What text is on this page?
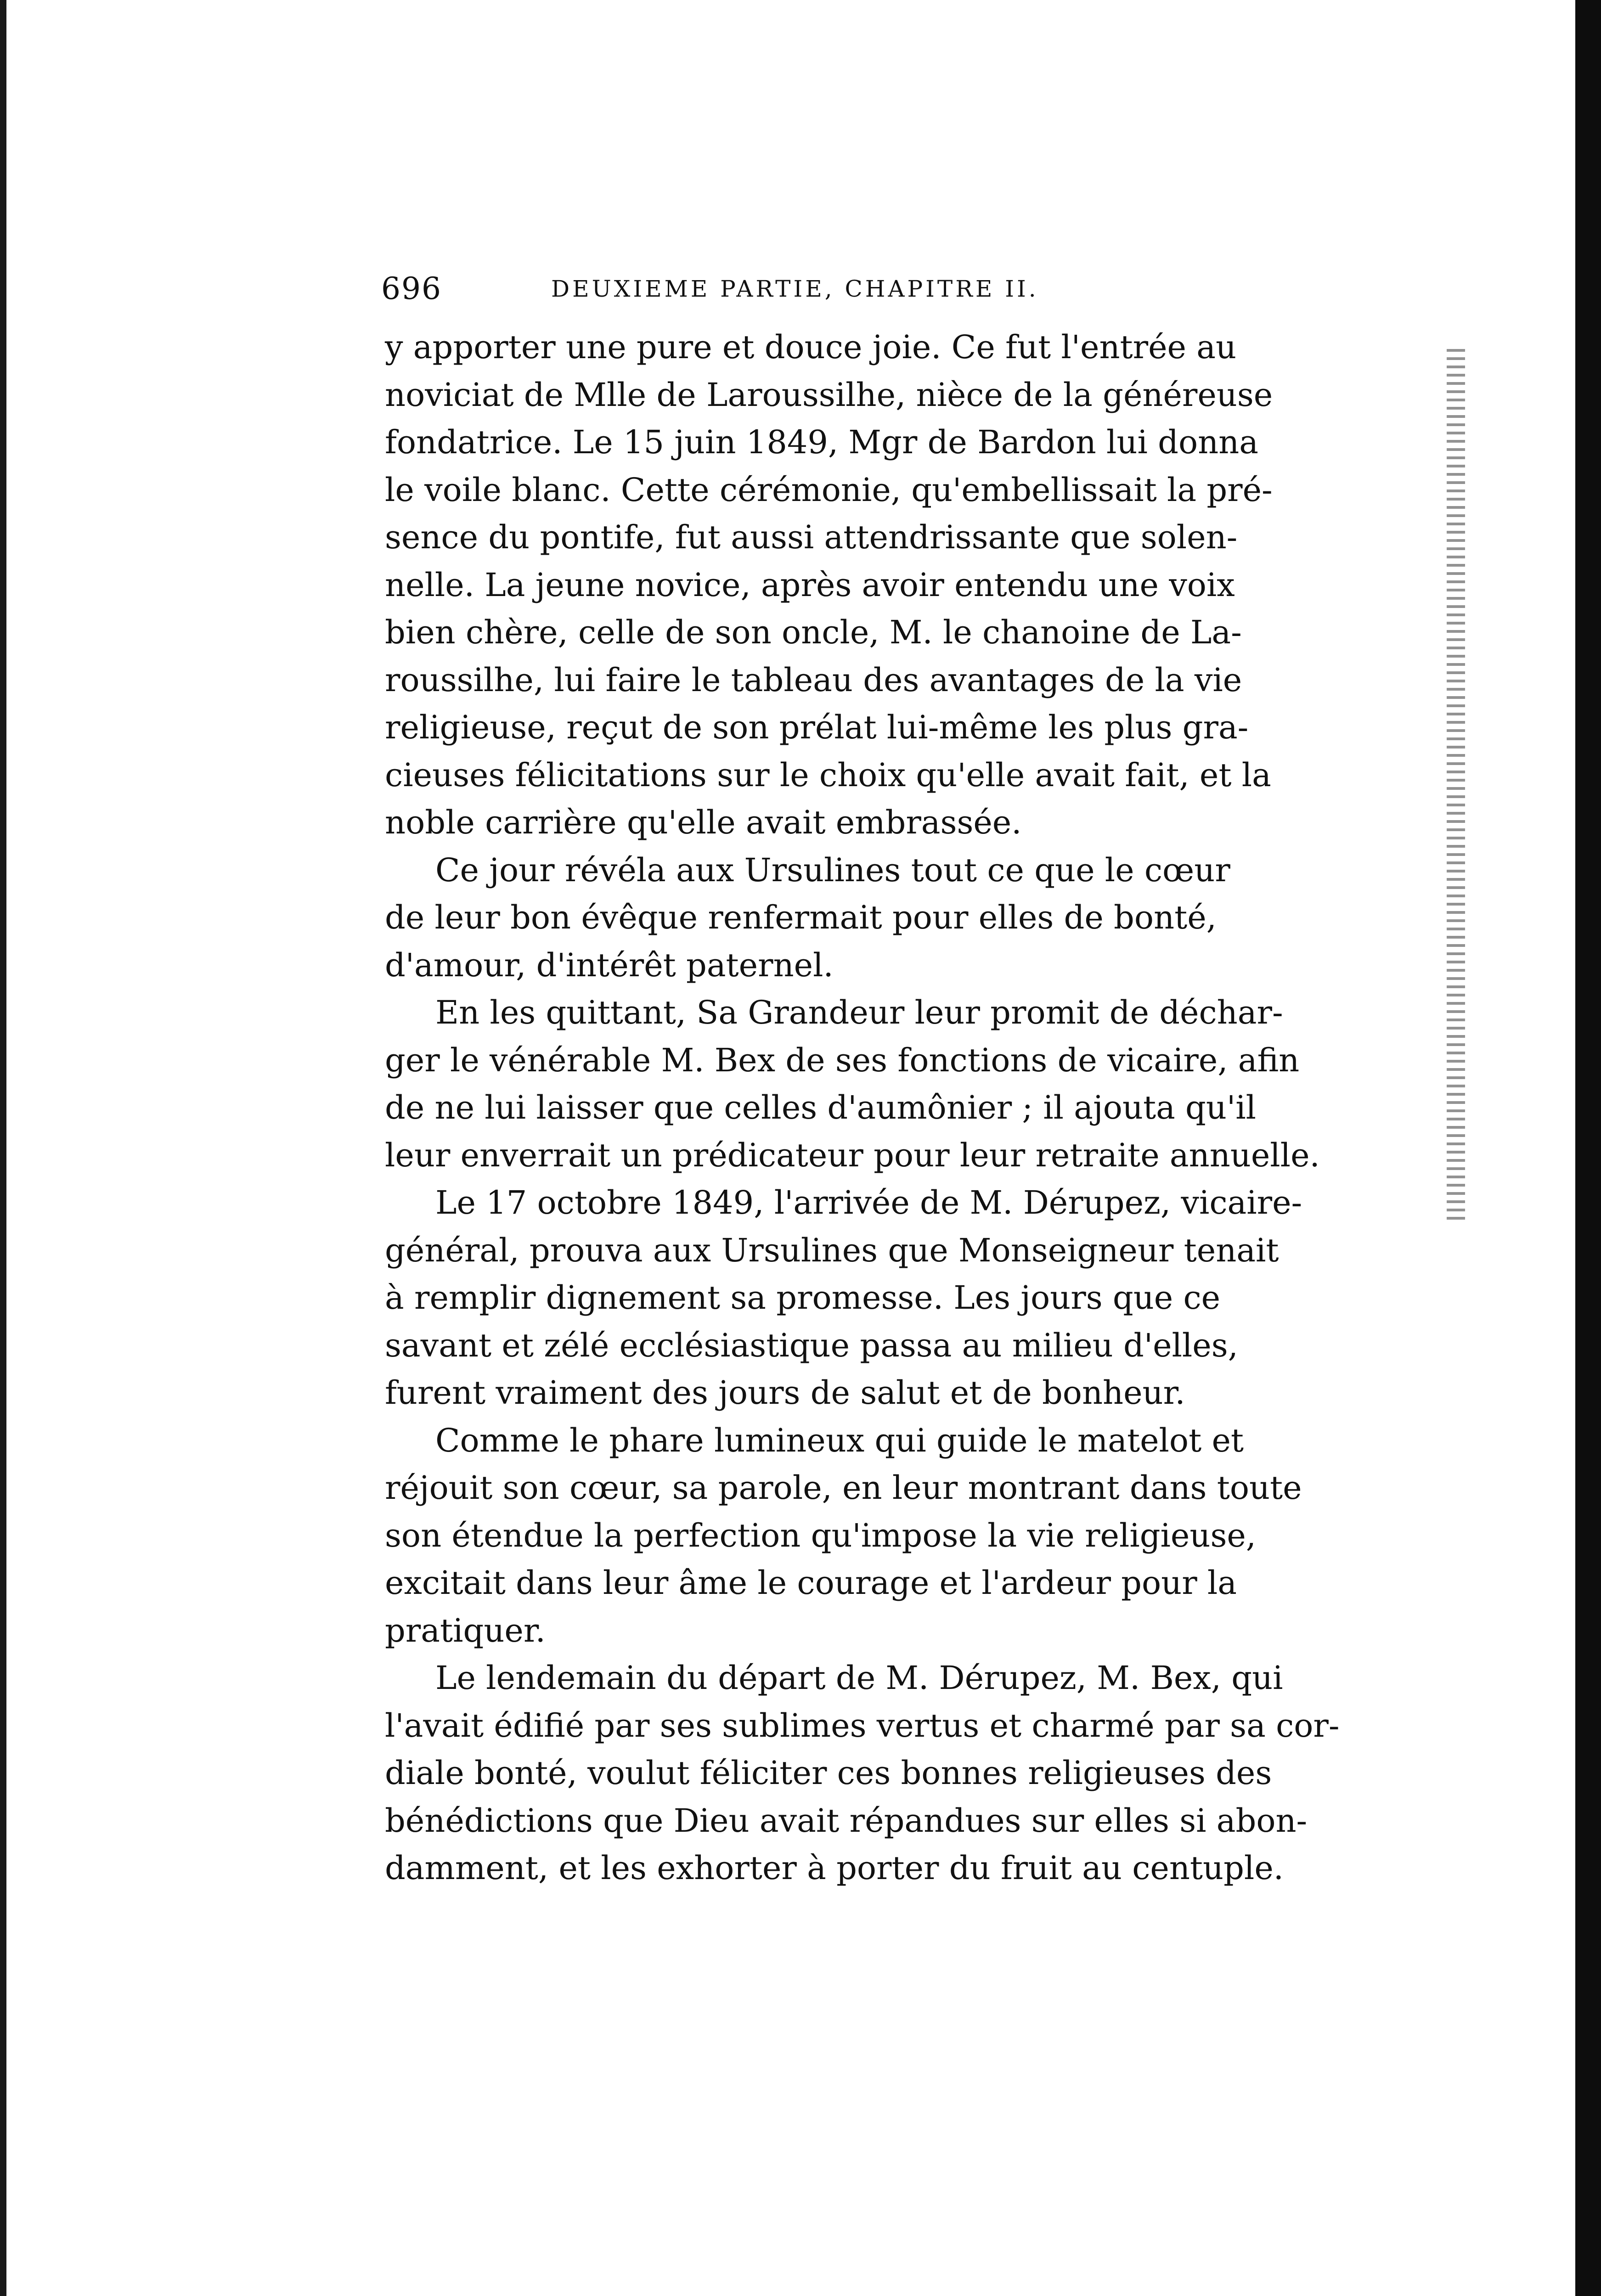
696	DEUXIEME PARTIE, CHAPITRE II.
y apporter une pure et douce joie. Ce fut l'entrée au
noviciat de Mlle de Laroussilhe, nièce de la généreuse
fondatrice. Le 15 juin 1849, Mgr de Bardon lui donna
le voile blanc. Cette cérémonie, qu'embellissait la pré-
sence du pontife, fut aussi attendrissante que solen-
nelle. La jeune novice, après avoir entendu une voix
bien chère, celle de son oncle, M. le chanoine de La-
roussilhe, lui faire le tableau des avantages de la vie
religieuse, reçut de son prélat lui-même les plus gra-
cieuses félicitations sur le choix qu'elle avait fait, et la
noble carrière qu'elle avait embrassée.
Ce jour révéla aux Ursulines tout ce que le cœur
de leur bon évêque renfermait pour elles de bonté,
d'amour, d'intérêt paternel.
En les quittant, Sa Grandeur leur promit de déchar-
ger le vénérable M. Bex de ses fonctions de vicaire, afin
de ne lui laisser que celles d'aumônier ; il ajouta qu'il
leur enverrait un prédicateur pour leur retraite annuelle.
Le 17 octobre 1849, l'arrivée de M. Dérupez, vicaire-
général, prouva aux Ursulines que Monseigneur tenait
à remplir dignement sa promesse. Les jours que ce
savant et zélé ecclésiastique passa au milieu d'elles,
furent vraiment des jours de salut et de bonheur.
Comme le phare lumineux qui guide le matelot et
réjouit son cœur, sa parole, en leur montrant dans toute
son étendue la perfection qu'impose la vie religieuse,
excitait dans leur âme le courage et l'ardeur pour la
pratiquer.
Le lendemain du départ de M. Dérupez, M. Bex, qui
l'avait édifié par ses sublimes vertus et charmé par sa cor-
diale bonté, voulut féliciter ces bonnes religieuses des
bénédictions que Dieu avait répandues sur elles si abon-
damment, et les exhorter à porter du fruit au centuple.
